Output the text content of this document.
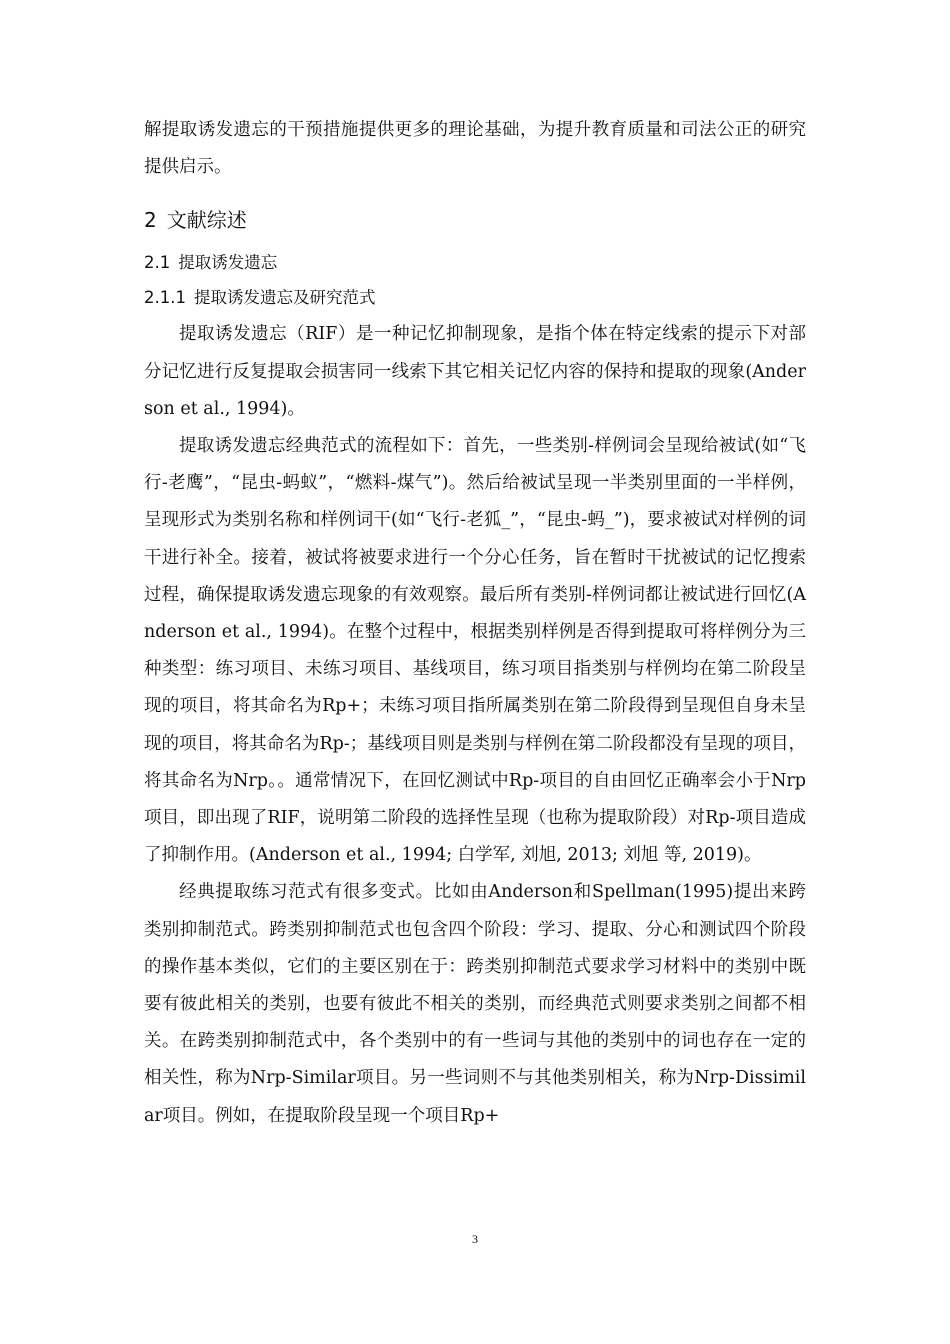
解提取诱发遗忘的干预措施提供更多的理论基础，为提升教育质量和司法公正的研究提供启示。

2 文献综述
2.1 提取诱发遗忘
2.1.1 提取诱发遗忘及研究范式

提取诱发遗忘（RIF）是一种记忆抑制现象，是指个体在特定线索的提示下对部分记忆进行反复提取会损害同一线索下其它相关记忆内容的保持和提取的现象(Anderson et al., 1994)。

提取诱发遗忘经典范式的流程如下：首先，一些类别-样例词会呈现给被试(如“飞行-老鹰”，“昆虫-蚂蚁”，“燃料-煤气”)。然后给被试呈现一半类别里面的一半样例，呈现形式为类别名称和样例词干(如“飞行-老狐_”，“昆虫-蚂_”)，要求被试对样例的词干进行补全。接着，被试将被要求进行一个分心任务，旨在暂时干扰被试的记忆搜索过程，确保提取诱发遗忘现象的有效观察。最后所有类别-样例词都让被试进行回忆(Anderson et al., 1994)。在整个过程中，根据类别样例是否得到提取可将样例分为三种类型：练习项目、未练习项目、基线项目，练习项目指类别与样例均在第二阶段呈现的项目，将其命名为Rp+；未练习项目指所属类别在第二阶段得到呈现但自身未呈现的项目，将其命名为Rp-；基线项目则是类别与样例在第二阶段都没有呈现的项目，将其命名为Nrp。。通常情况下，在回忆测试中Rp-项目的自由回忆正确率会小于Nrp项目，即出现了RIF，说明第二阶段的选择性呈现（也称为提取阶段）对Rp-项目造成了抑制作用。(Anderson et al., 1994; 白学军, 刘旭, 2013; 刘旭 等, 2019)。

经典提取练习范式有很多变式。比如由Anderson和Spellman(1995)提出来跨类别抑制范式。跨类别抑制范式也包含四个阶段：学习、提取、分心和测试四个阶段的操作基本类似，它们的主要区别在于：跨类别抑制范式要求学习材料中的类别中既要有彼此相关的类别，也要有彼此不相关的类别，而经典范式则要求类别之间都不相关。在跨类别抑制范式中，各个类别中的有一些词与其他的类别中的词也存在一定的相关性，称为Nrp-Similar项目。另一些词则不与其他类别相关，称为Nrp-Dissimilar项目。例如，在提取阶段呈现一个项目Rp+

3
